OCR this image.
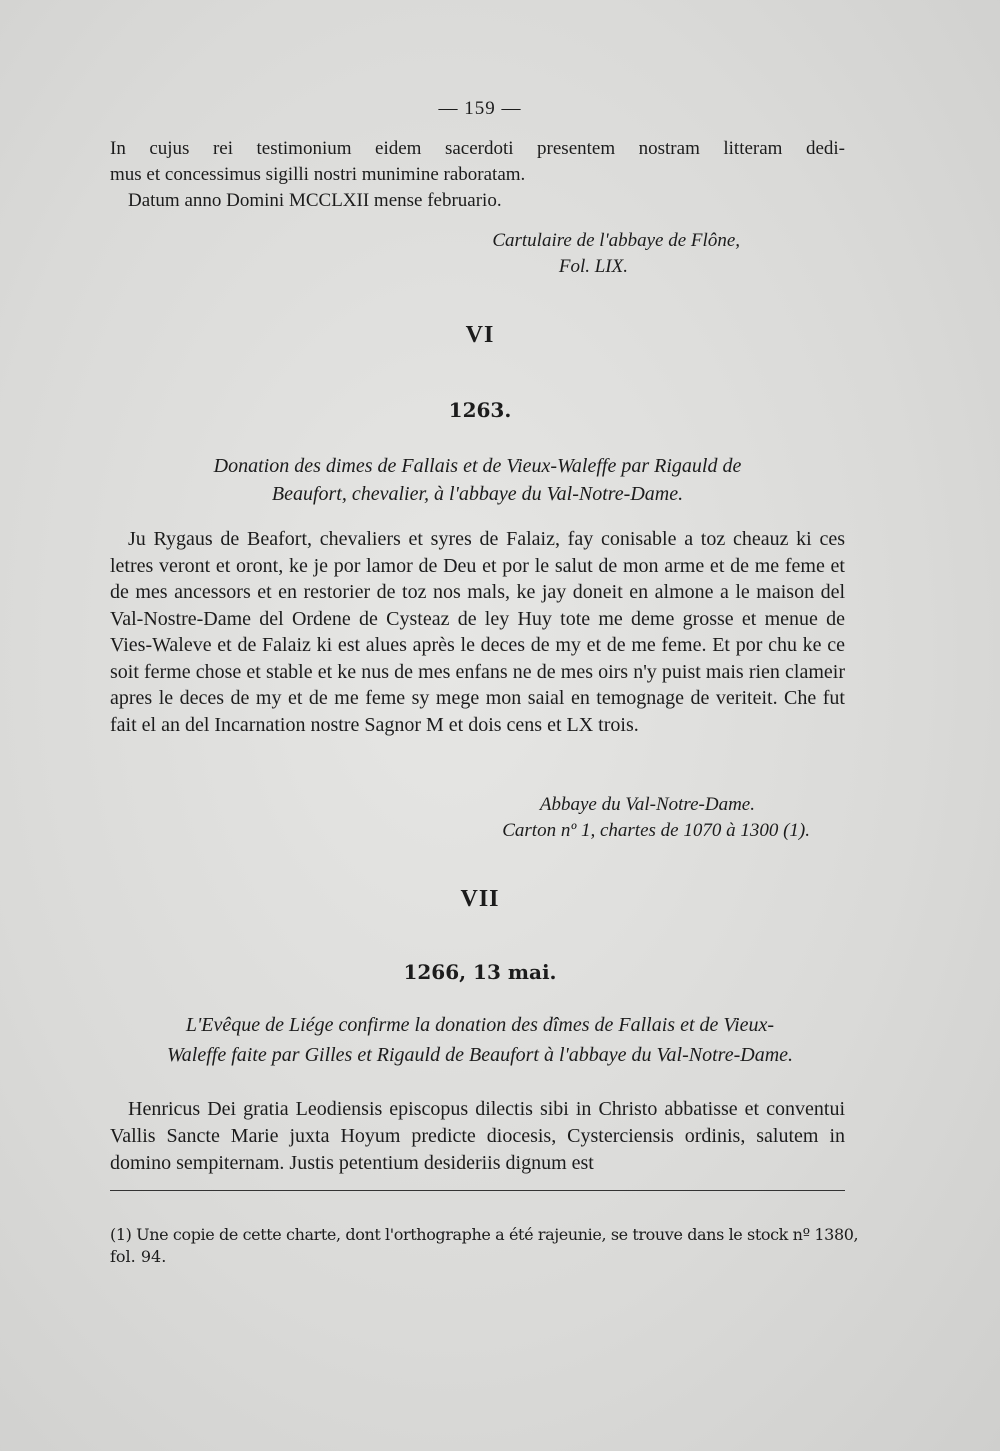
— 159 —
In cujus rei testimonium eidem sacerdoti presentem nostram litteram dedi-
mus et concessimus sigilli nostri munimine raboratam.
Datum anno Domini MCCLXII mense februario.
Cartulaire de l'abbaye de Flône,
Fol. LIX.
VI
1263.
Donation des dimes de Fallais et de Vieux-Waleffe par Rigauld de
Beaufort, chevalier, à l'abbaye du Val-Notre-Dame.
Ju Rygaus de Beafort, chevaliers et syres de Falaiz, fay conisable a toz cheauz ki ces letres veront et oront, ke je por lamor de Deu et por le salut de mon arme et de me feme et de mes ancessors et en restorier de toz nos mals, ke jay doneit en almone a le maison del Val-Nostre-Dame del Ordene de Cysteaz de ley Huy tote me deme grosse et menue de Vies-Waleve et de Falaiz ki est alues après le deces de my et de me feme. Et por chu ke ce soit ferme chose et stable et ke nus de mes enfans ne de mes oirs n'y puist mais rien clameir apres le deces de my et de me feme sy mege mon saial en temognage de veriteit. Che fut fait el an del Incarnation nostre Sagnor M et dois cens et LX trois.
Abbaye du Val-Notre-Dame.
Carton nº 1, chartes de 1070 à 1300 (1).
VII
1266, 13 mai.
L'Evêque de Liége confirme la donation des dîmes de Fallais et de Vieux-
Waleffe faite par Gilles et Rigauld de Beaufort à l'abbaye du Val-Notre-Dame.
Henricus Dei gratia Leodiensis episcopus dilectis sibi in Christo abbatisse et conventui Vallis Sancte Marie juxta Hoyum predicte diocesis, Cysterciensis ordinis, salutem in domino sempiternam. Justis petentium desideriis dignum est
(1) Une copie de cette charte, dont l'orthographe a été rajeunie, se trouve dans le stock nº 1380,
fol. 94.
